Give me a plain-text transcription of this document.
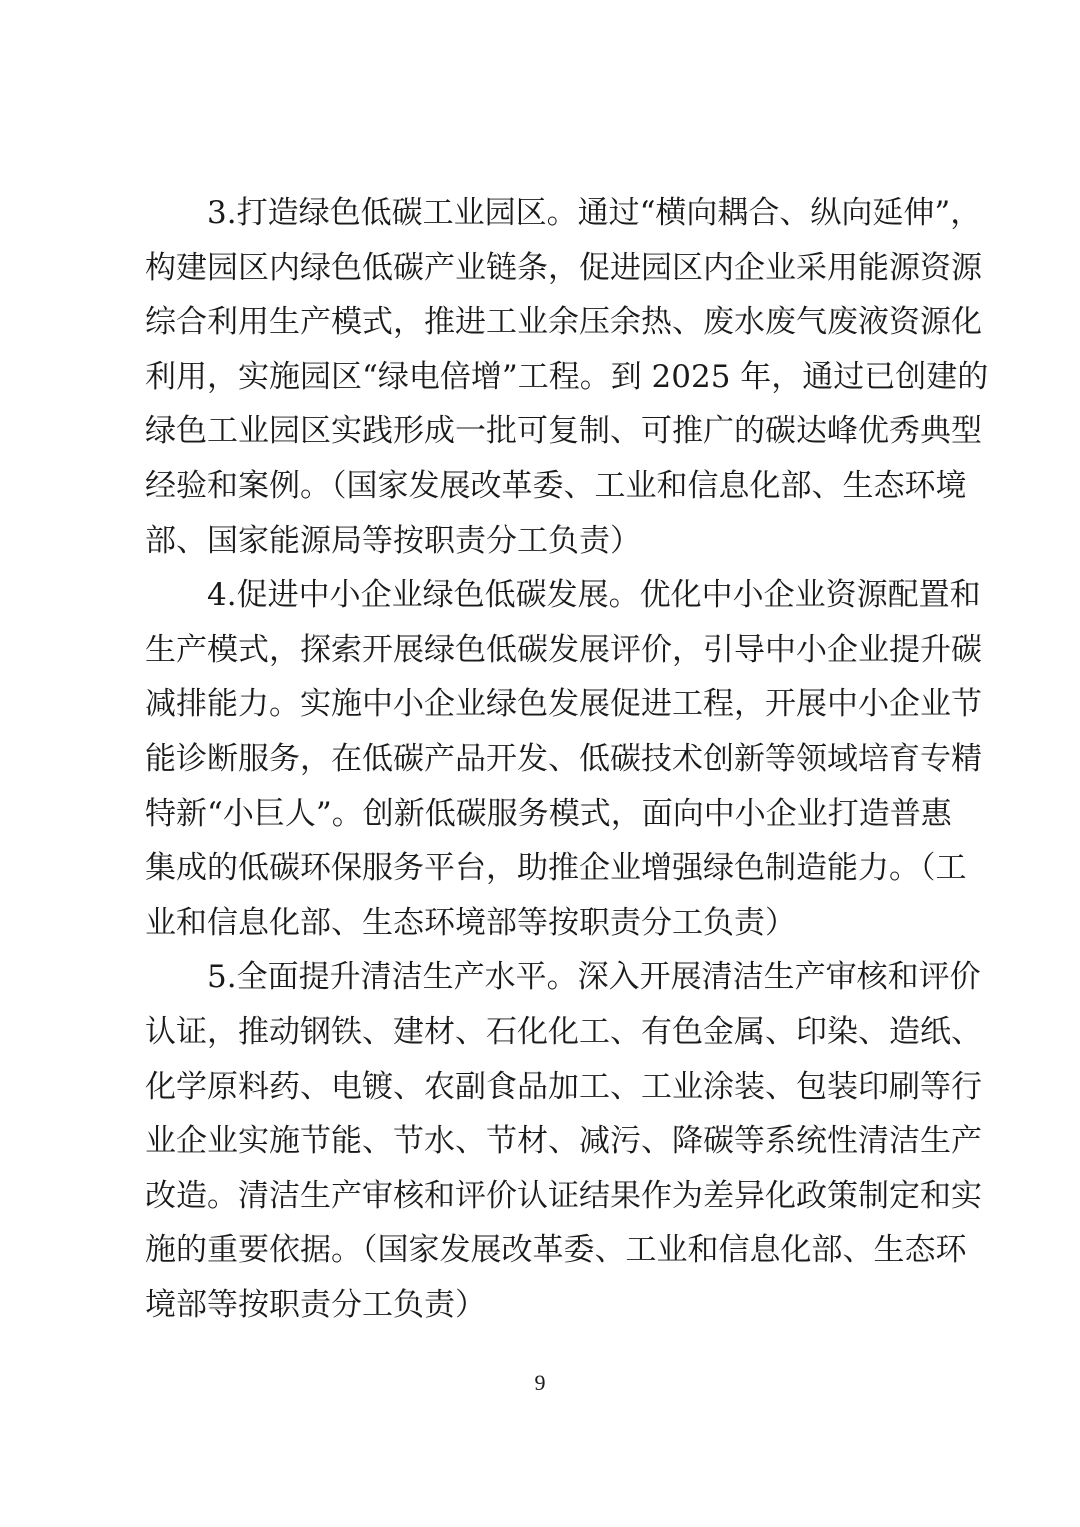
3.打造绿色低碳工业园区。通过“横向耦合、纵向延伸”，
构建园区内绿色低碳产业链条，促进园区内企业采用能源资源
综合利用生产模式，推进工业余压余热、废水废气废液资源化
利用，实施园区“绿电倍增”工程。到 2025 年，通过已创建的
绿色工业园区实践形成一批可复制、可推广的碳达峰优秀典型
经验和案例。（国家发展改革委、工业和信息化部、生态环境
部、国家能源局等按职责分工负责）
4.促进中小企业绿色低碳发展。优化中小企业资源配置和
生产模式，探索开展绿色低碳发展评价，引导中小企业提升碳
减排能力。实施中小企业绿色发展促进工程，开展中小企业节
能诊断服务，在低碳产品开发、低碳技术创新等领域培育专精
特新“小巨人”。创新低碳服务模式，面向中小企业打造普惠
集成的低碳环保服务平台，助推企业增强绿色制造能力。（工
业和信息化部、生态环境部等按职责分工负责）
5.全面提升清洁生产水平。深入开展清洁生产审核和评价
认证，推动钢铁、建材、石化化工、有色金属、印染、造纸、
化学原料药、电镀、农副食品加工、工业涂装、包装印刷等行
业企业实施节能、节水、节材、减污、降碳等系统性清洁生产
改造。清洁生产审核和评价认证结果作为差异化政策制定和实
施的重要依据。（国家发展改革委、工业和信息化部、生态环
境部等按职责分工负责）
9
